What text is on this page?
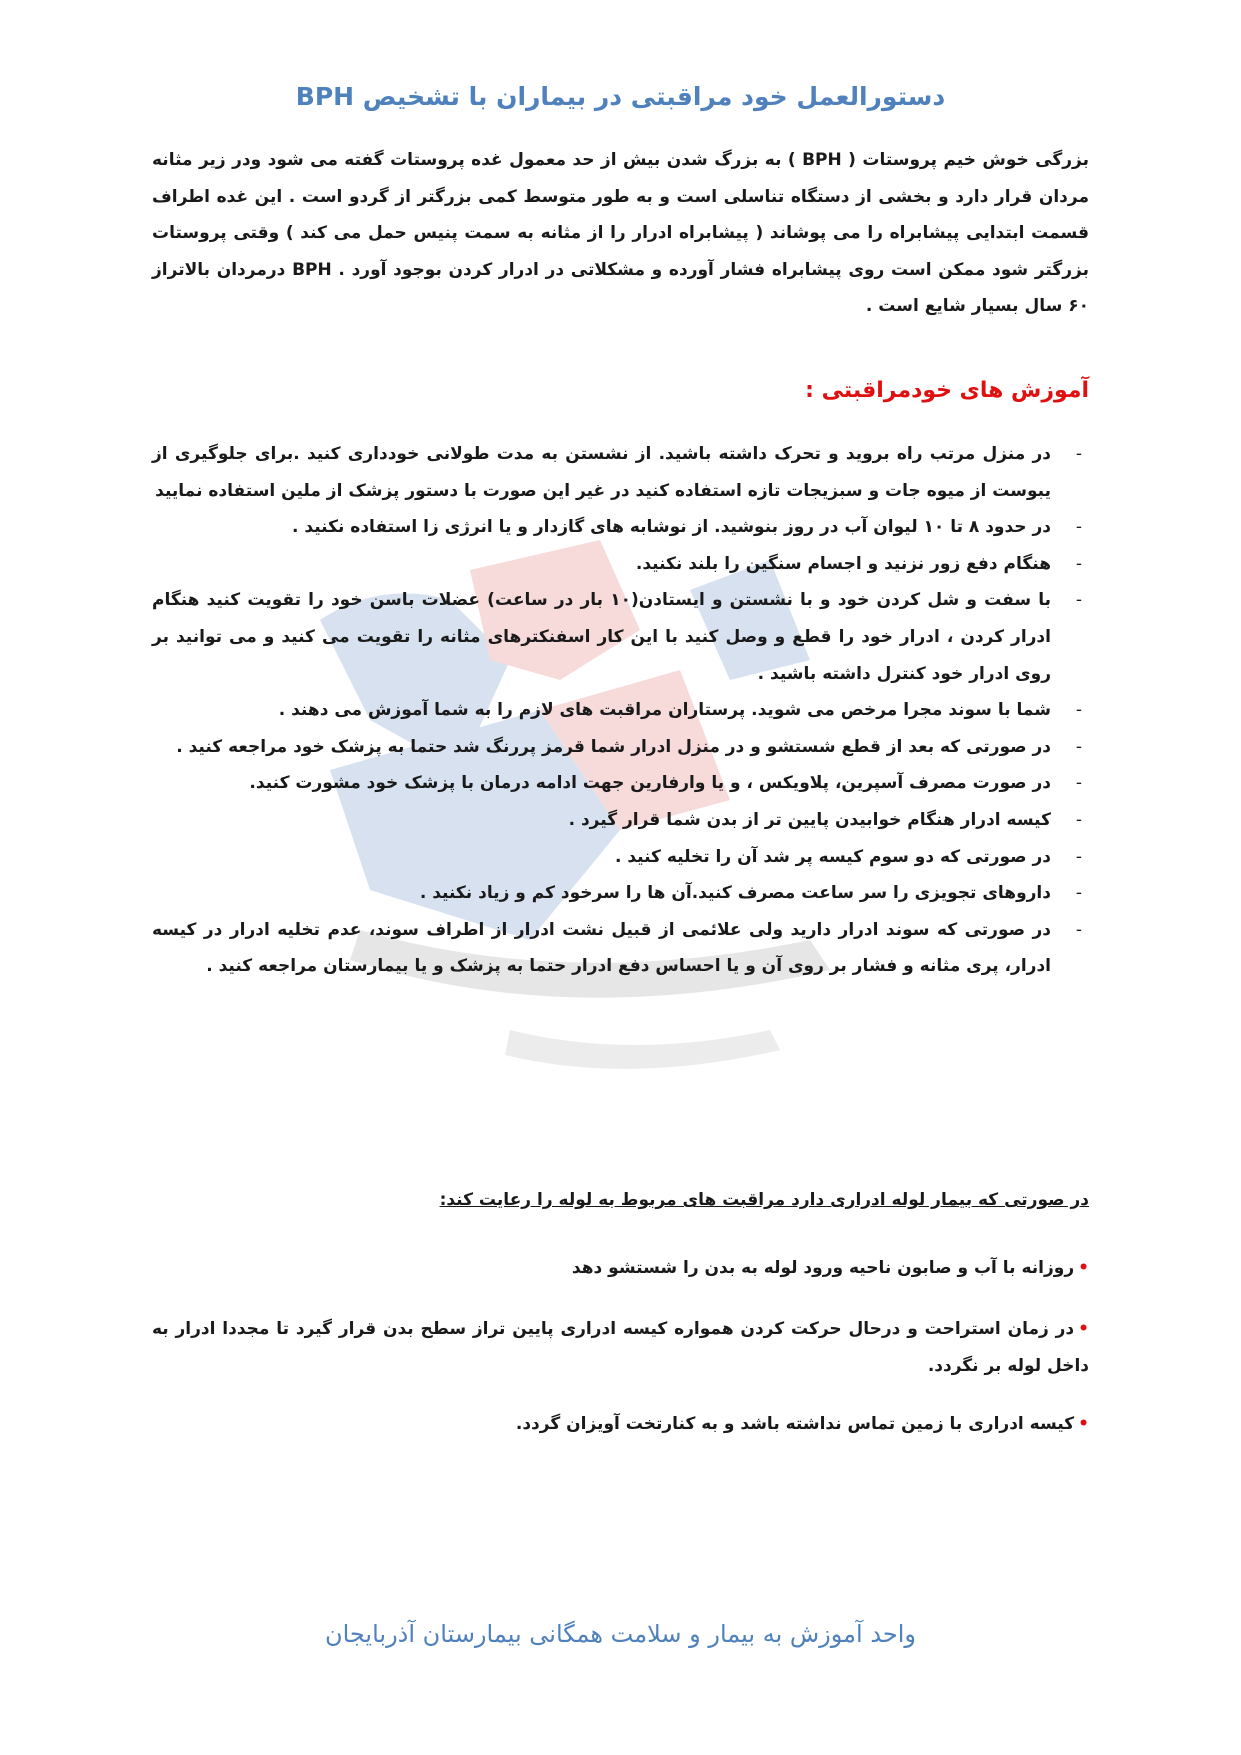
دستورالعمل خود مراقبتی در بیماران با تشخیص BPH
بزرگی خوش خیم پروستات ( BPH ) به بزرگ شدن بیش از حد معمول غده پروستات گفته می شود ودر زیر مثانه مردان قرار دارد و بخشی از دستگاه تناسلی است و به طور متوسط کمی بزرگتر از گردو است . این غده اطراف قسمت ابتدایی پیشابراه را می پوشاند ( پیشابراه ادرار را از مثانه به سمت پنیس حمل می کند ) وقتی پروستات بزرگتر شود ممکن است روی پیشابراه فشار آورده و مشکلاتی در ادرار کردن بوجود آورد . BPH درمردان بالاتراز ۶۰ سال بسیار شایع است .
آموزش های خودمراقبتی :
-
در منزل مرتب راه بروید و تحرک داشته باشید. از نشستن به مدت طولانی خودداری کنید .برای جلوگیری از یبوست از میوه جات و سبزیجات تازه استفاده کنید در غیر این صورت با دستور پزشک از ملین استفاده نمایید
-
در حدود ۸ تا ۱۰ لیوان آب در روز بنوشید. از نوشابه های گازدار و یا انرژی زا استفاده نکنید .
-
هنگام دفع زور نزنید و اجسام سنگین را بلند نکنید.
-
با سفت و شل کردن خود و با نشستن و ایستادن(۱۰ بار در ساعت) عضلات باسن خود را تقویت کنید هنگام ادرار کردن ، ادرار خود را قطع و وصل کنید با این کار اسفنکترهای مثانه را تقویت می کنید و می توانید بر روی ادرار خود کنترل داشته باشید .
-
شما با سوند مجرا مرخص می شوید. پرستاران مراقبت های لازم را به شما آموزش می دهند .
-
در صورتی که بعد از قطع شستشو و در منزل ادرار شما قرمز پررنگ شد حتما به پزشک خود مراجعه کنید .
-
در صورت مصرف آسپرین، پلاویکس ، و یا وارفارین جهت ادامه درمان با پزشک خود مشورت کنید.
-
کیسه ادرار هنگام خوابیدن پایین تر از بدن شما قرار گیرد .
-
در صورتی که دو سوم کیسه پر شد آن را تخلیه کنید .
-
داروهای تجویزی را سر ساعت مصرف کنید.آن ها را سرخود کم و زیاد نکنید .
-
در صورتی که سوند ادرار دارید ولی علائمی از قبیل نشت ادرار از اطراف سوند، عدم تخلیه ادرار در کیسه ادرار، پری مثانه و فشار بر روی آن و یا احساس دفع ادرار حتما به پزشک و یا بیمارستان مراجعه کنید .
در صورتی که بیمار لوله ادراری دارد مراقبت های مربوط به لوله را رعایت کند:
•روزانه با آب و صابون ناحیه ورود لوله به بدن را شستشو دهد
•در زمان استراحت و درحال حرکت کردن همواره کیسه ادراری پایین تراز سطح بدن قرار گیرد تا مجددا ادرار به داخل لوله بر نگردد.
•کیسه ادراری با زمین تماس نداشته باشد و به کنارتخت آویزان گردد.
واحد آموزش به بیمار و سلامت همگانی بیمارستان آذربایجان
